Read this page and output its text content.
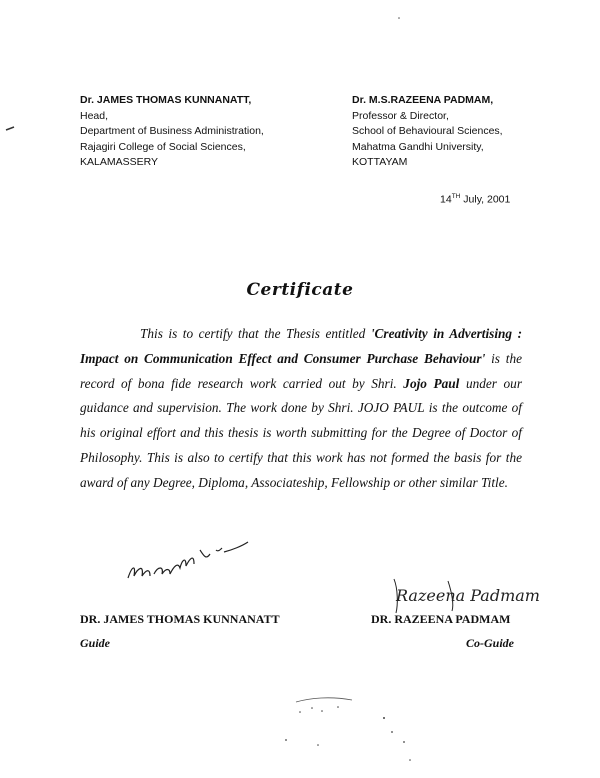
Dr. JAMES THOMAS KUNNANATT,
Head,
Department of Business Administration,
Rajagiri College of Social Sciences,
KALAMASSERY
Dr. M.S.RAZEENA PADMAM,
Professor & Director,
School of Behavioural Sciences,
Mahatma Gandhi University,
KOTTAYAM
14TH July, 2001
Certificate
This is to certify that the Thesis entitled 'Creativity in Advertising : Impact on Communication Effect and Consumer Purchase Behaviour' is the record of bona fide research work carried out by Shri. Jojo Paul under our guidance and supervision. The work done by Shri. JOJO PAUL is the outcome of his original effort and this thesis is worth submitting for the Degree of Doctor of Philosophy. This is also to certify that this work has not formed the basis for the award of any Degree, Diploma, Associateship, Fellowship or other similar Title.
Razeena Padmam
DR. JAMES THOMAS KUNNANATT	DR. RAZEENA PADMAM
Guide	Co-Guide
